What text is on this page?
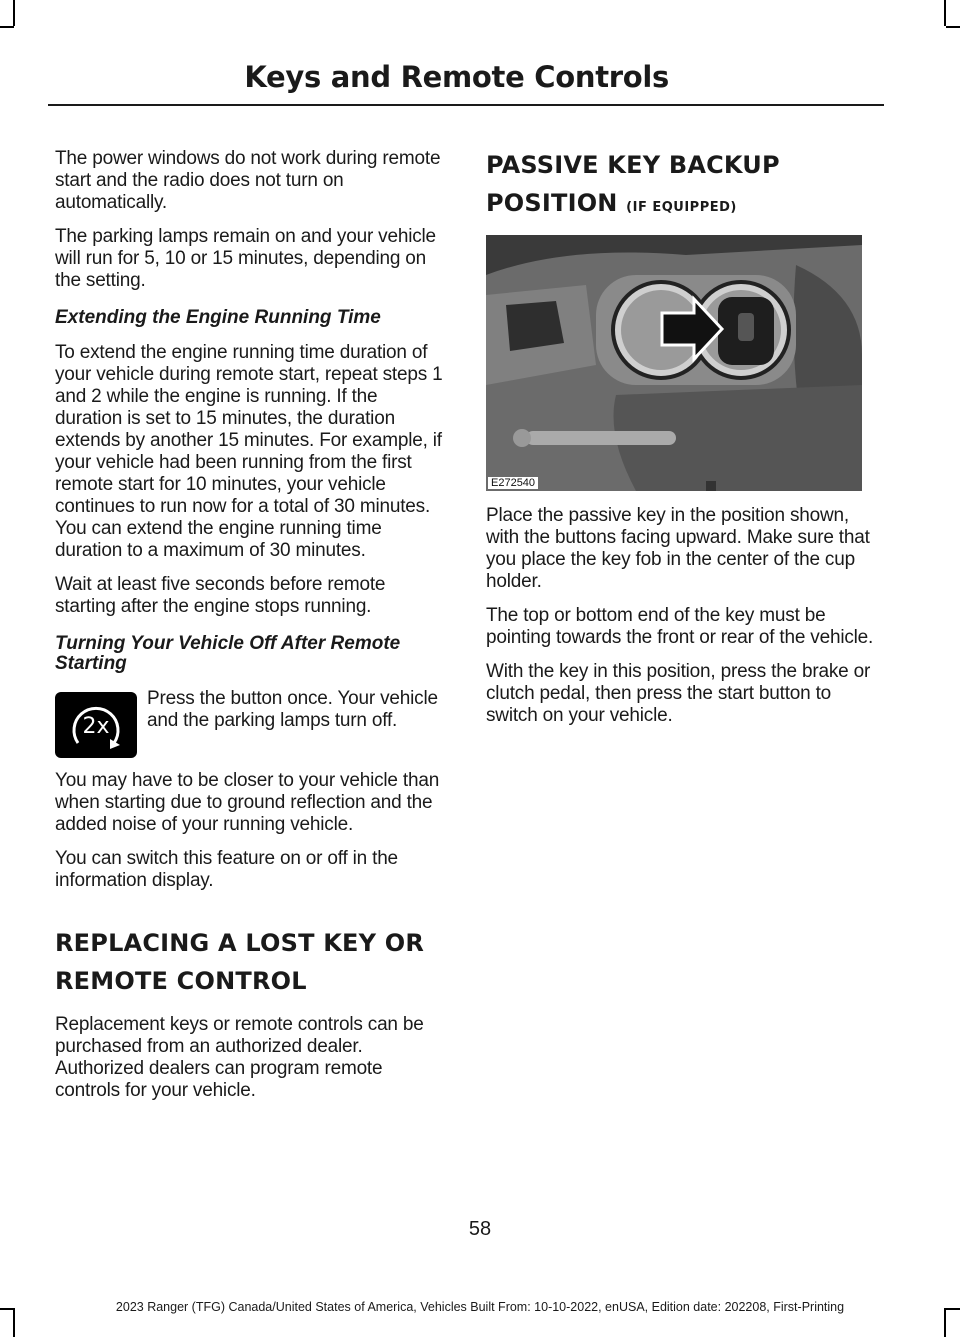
Keys and Remote Controls

The power windows do not work during remote start and the radio does not turn on automatically.

The parking lamps remain on and your vehicle will run for 5, 10 or 15 minutes, depending on the setting.

Extending the Engine Running Time

To extend the engine running time duration of your vehicle during remote start, repeat steps 1 and 2 while the engine is running. If the duration is set to 15 minutes, the duration extends by another 15 minutes. For example, if your vehicle had been running from the first remote start for 10 minutes, your vehicle continues to run now for a total of 30 minutes. You can extend the engine running time duration to a maximum of 30 minutes.

Wait at least five seconds before remote starting after the engine stops running.

Turning Your Vehicle Off After Remote Starting
2x

Press the button once. Your vehicle and the parking lamps turn off.

You may have to be closer to your vehicle than when starting due to ground reflection and the added noise of your running vehicle.

You can switch this feature on or off in the information display.

REPLACING A LOST KEY OR
REMOTE CONTROL

Replacement keys or remote controls can be purchased from an authorized dealer. Authorized dealers can program remote controls for your vehicle.

PASSIVE KEY BACKUP
POSITION (IF EQUIPPED)
E272540

Place the passive key in the position shown, with the buttons facing upward. Make sure that you place the key fob in the center of the cup holder.

The top or bottom end of the key must be pointing towards the front or rear of the vehicle.

With the key in this position, press the brake or clutch pedal, then press the start button to switch on your vehicle.

58
2023 Ranger (TFG) Canada/United States of America, Vehicles Built From: 10-10-2022, enUSA, Edition date: 202208, First-Printing
